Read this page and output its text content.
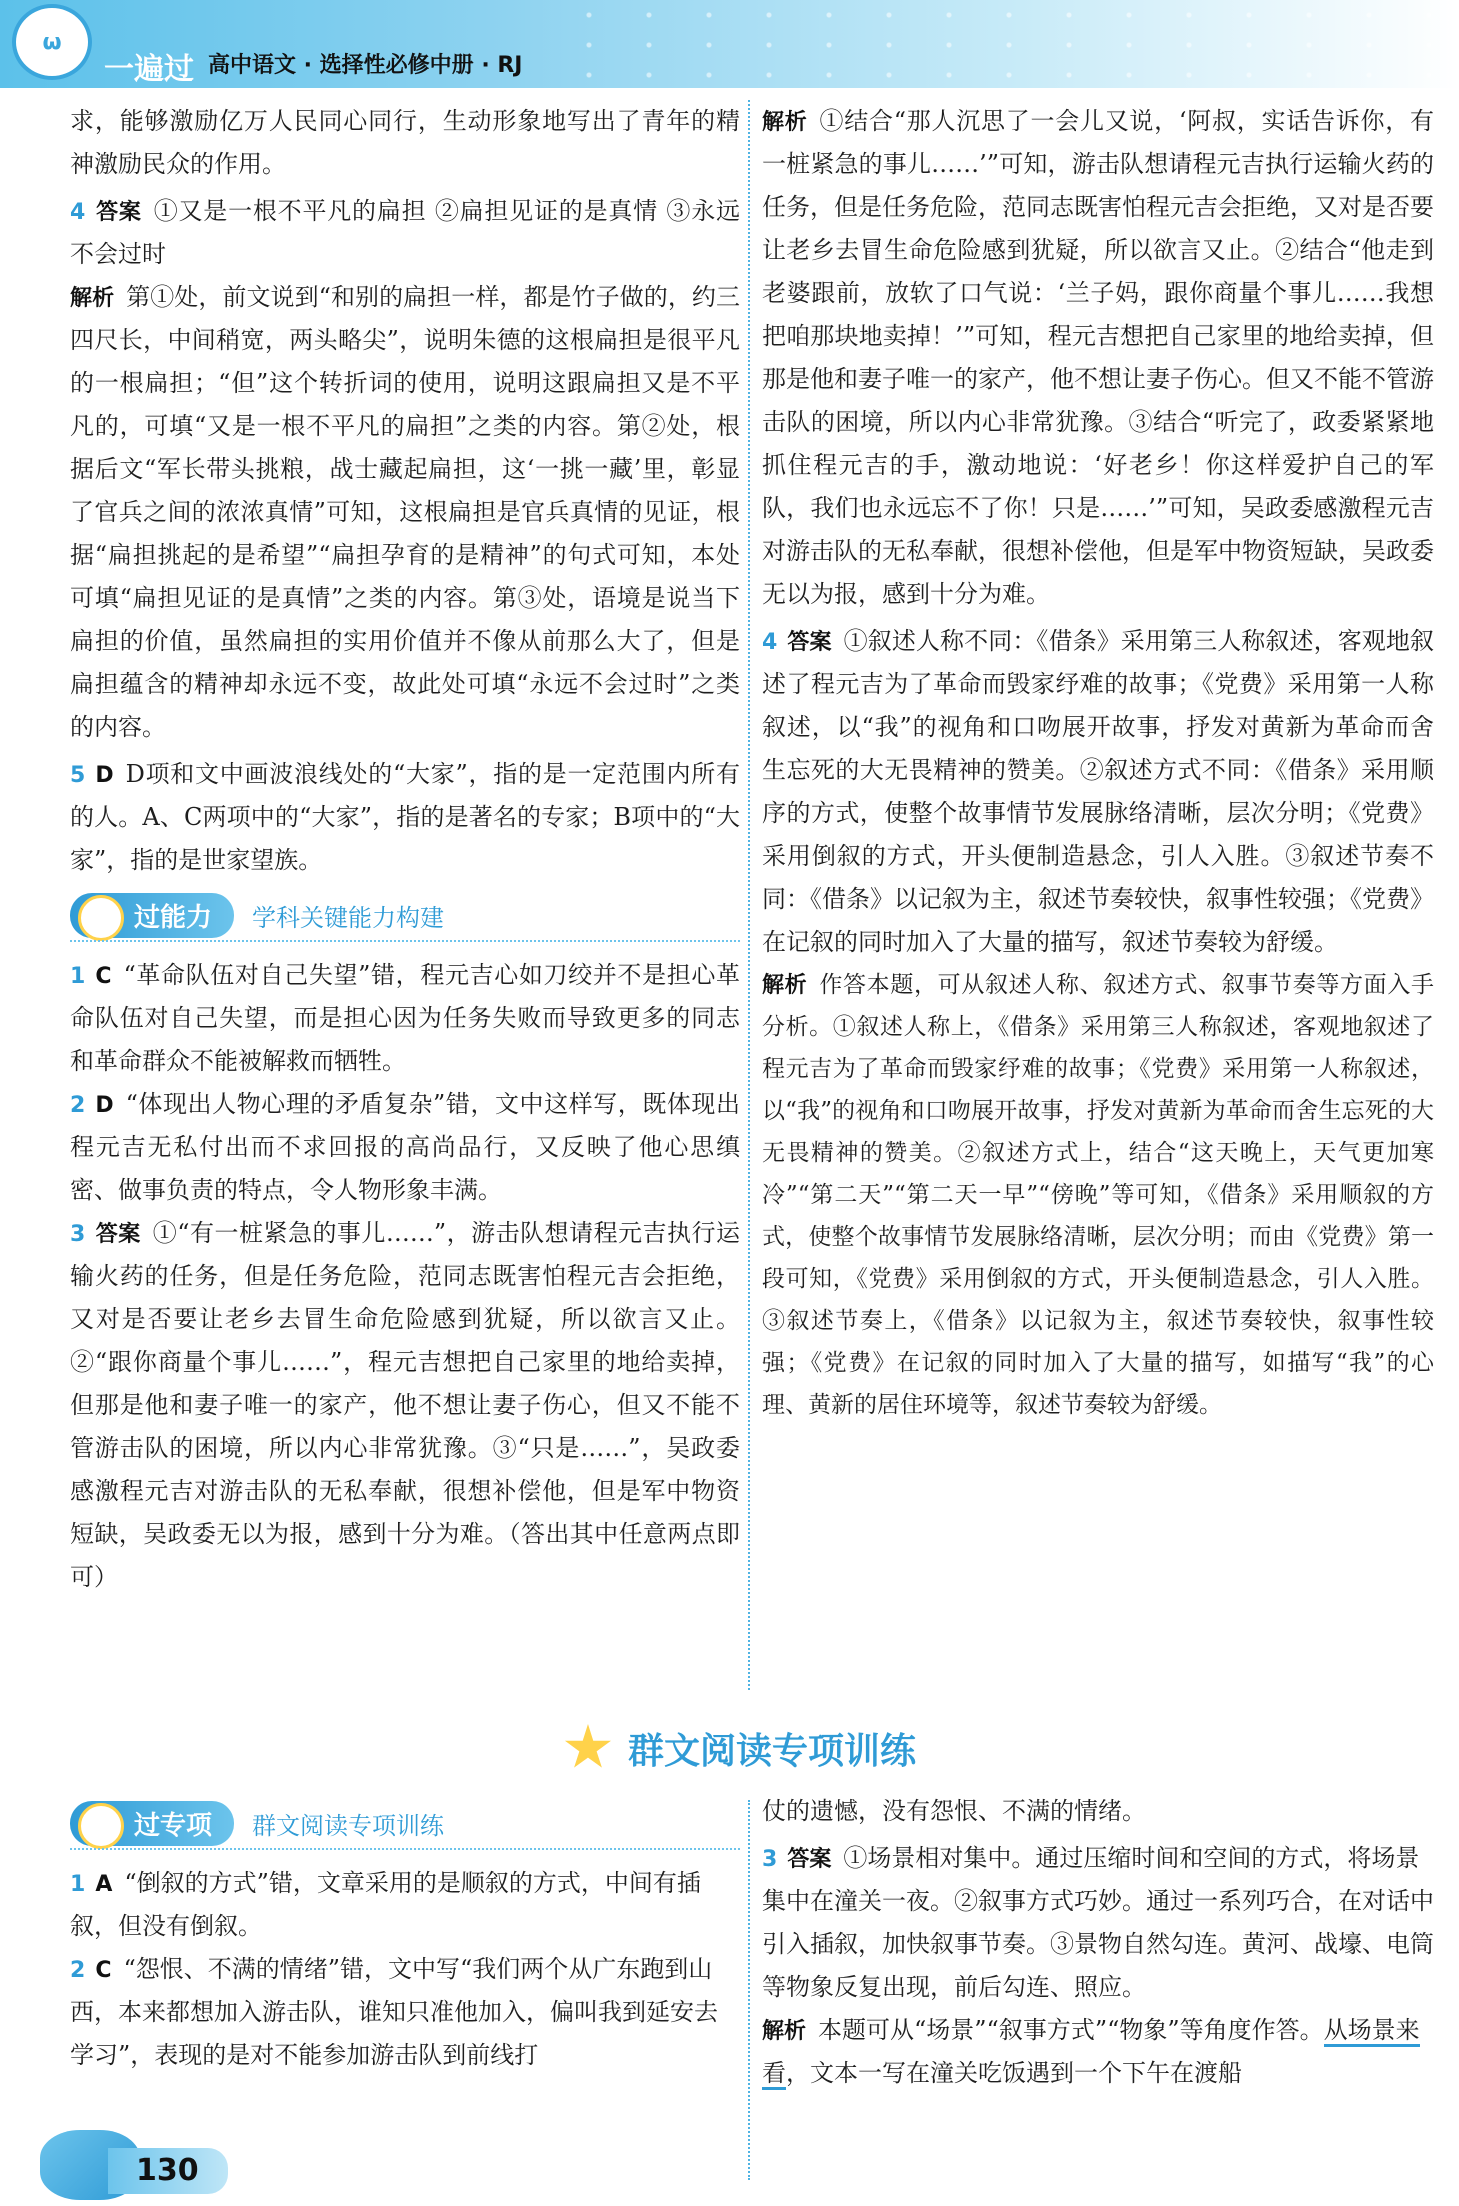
ω
一遍过 高中语文 · 选择性必修中册 · RJ

求，能够激励亿万人民同心同行，生动形象地写出了青年的精神激励民众的作用。

4 答案 ①又是一根不平凡的扁担 ②扁担见证的是真情 ③永远不会过时

解析 第①处，前文说到“和别的扁担一样，都是竹子做的，约三四尺长，中间稍宽，两头略尖”，说明朱德的这根扁担是很平凡的一根扁担；“但”这个转折词的使用，说明这跟扁担又是不平凡的，可填“又是一根不平凡的扁担”之类的内容。第②处，根据后文“军长带头挑粮，战士藏起扁担，这‘一挑一藏’里，彰显了官兵之间的浓浓真情”可知，这根扁担是官兵真情的见证，根据“扁担挑起的是希望”“扁担孕育的是精神”的句式可知，本处可填“扁担见证的是真情”之类的内容。第③处，语境是说当下扁担的价值，虽然扁担的实用价值并不像从前那么大了，但是扁担蕴含的精神却永远不变，故此处可填“永远不会过时”之类的内容。

5 D D项和文中画波浪线处的“大家”，指的是一定范围内所有的人。A、C两项中的“大家”，指的是著名的专家；B项中的“大家”，指的是世家望族。

过能力	学科关键能力构建

1 C “革命队伍对自己失望”错，程元吉心如刀绞并不是担心革命队伍对自己失望，而是担心因为任务失败而导致更多的同志和革命群众不能被解救而牺牲。

2 D “体现出人物心理的矛盾复杂”错，文中这样写，既体现出程元吉无私付出而不求回报的高尚品行，又反映了他心思缜密、做事负责的特点，令人物形象丰满。

3 答案 ①“有一桩紧急的事儿……”，游击队想请程元吉执行运输火药的任务，但是任务危险，范同志既害怕程元吉会拒绝，又对是否要让老乡去冒生命危险感到犹疑，所以欲言又止。②“跟你商量个事儿……”，程元吉想把自己家里的地给卖掉，但那是他和妻子唯一的家产，他不想让妻子伤心，但又不能不管游击队的困境，所以内心非常犹豫。③“只是……”，吴政委感激程元吉对游击队的无私奉献，很想补偿他，但是军中物资短缺，吴政委无以为报，感到十分为难。（答出其中任意两点即可）

解析 ①结合“那人沉思了一会儿又说，‘阿叔，实话告诉你，有一桩紧急的事儿……’”可知，游击队想请程元吉执行运输火药的任务，但是任务危险，范同志既害怕程元吉会拒绝，又对是否要让老乡去冒生命危险感到犹疑，所以欲言又止。②结合“他走到老婆跟前，放软了口气说：‘兰子妈，跟你商量个事儿……我想把咱那块地卖掉！’”可知，程元吉想把自己家里的地给卖掉，但那是他和妻子唯一的家产，他不想让妻子伤心。但又不能不管游击队的困境，所以内心非常犹豫。③结合“听完了，政委紧紧地抓住程元吉的手，激动地说：‘好老乡！你这样爱护自己的军队，我们也永远忘不了你！只是……’”可知，吴政委感激程元吉对游击队的无私奉献，很想补偿他，但是军中物资短缺，吴政委无以为报，感到十分为难。

4 答案 ①叙述人称不同：《借条》采用第三人称叙述，客观地叙述了程元吉为了革命而毁家纾难的故事；《党费》采用第一人称叙述，以“我”的视角和口吻展开故事，抒发对黄新为革命而舍生忘死的大无畏精神的赞美。②叙述方式不同：《借条》采用顺序的方式，使整个故事情节发展脉络清晰，层次分明；《党费》采用倒叙的方式，开头便制造悬念，引人入胜。③叙述节奏不同：《借条》以记叙为主，叙述节奏较快，叙事性较强；《党费》在记叙的同时加入了大量的描写，叙述节奏较为舒缓。

解析 作答本题，可从叙述人称、叙述方式、叙事节奏等方面入手分析。①叙述人称上，《借条》采用第三人称叙述，客观地叙述了程元吉为了革命而毁家纾难的故事；《党费》采用第一人称叙述，以“我”的视角和口吻展开故事，抒发对黄新为革命而舍生忘死的大无畏精神的赞美。②叙述方式上，结合“这天晚上，天气更加寒冷”“第二天”“第二天一早”“傍晚”等可知，《借条》采用顺叙的方式，使整个故事情节发展脉络清晰，层次分明；而由《党费》第一段可知，《党费》采用倒叙的方式，开头便制造悬念，引人入胜。③叙述节奏上，《借条》以记叙为主，叙述节奏较快，叙事性较强；《党费》在记叙的同时加入了大量的描写，如描写“我”的心理、黄新的居住环境等，叙述节奏较为舒缓。

群文阅读专项训练
过专项	群文阅读专项训练

1 A “倒叙的方式”错，文章采用的是顺叙的方式，中间有插叙，但没有倒叙。

2 C “怨恨、不满的情绪”错，文中写“我们两个从广东跑到山西，本来都想加入游击队，谁知只准他加入，偏叫我到延安去学习”，表现的是对不能参加游击队到前线打

仗的遗憾，没有怨恨、不满的情绪。

3 答案 ①场景相对集中。通过压缩时间和空间的方式，将场景集中在潼关一夜。②叙事方式巧妙。通过一系列巧合，在对话中引入插叙，加快叙事节奏。③景物自然勾连。黄河、战壕、电筒等物象反复出现，前后勾连、照应。

解析 本题可从“场景”“叙事方式”“物象”等角度作答。从场景来看，文本一写在潼关吃饭遇到一个下午在渡船

130
